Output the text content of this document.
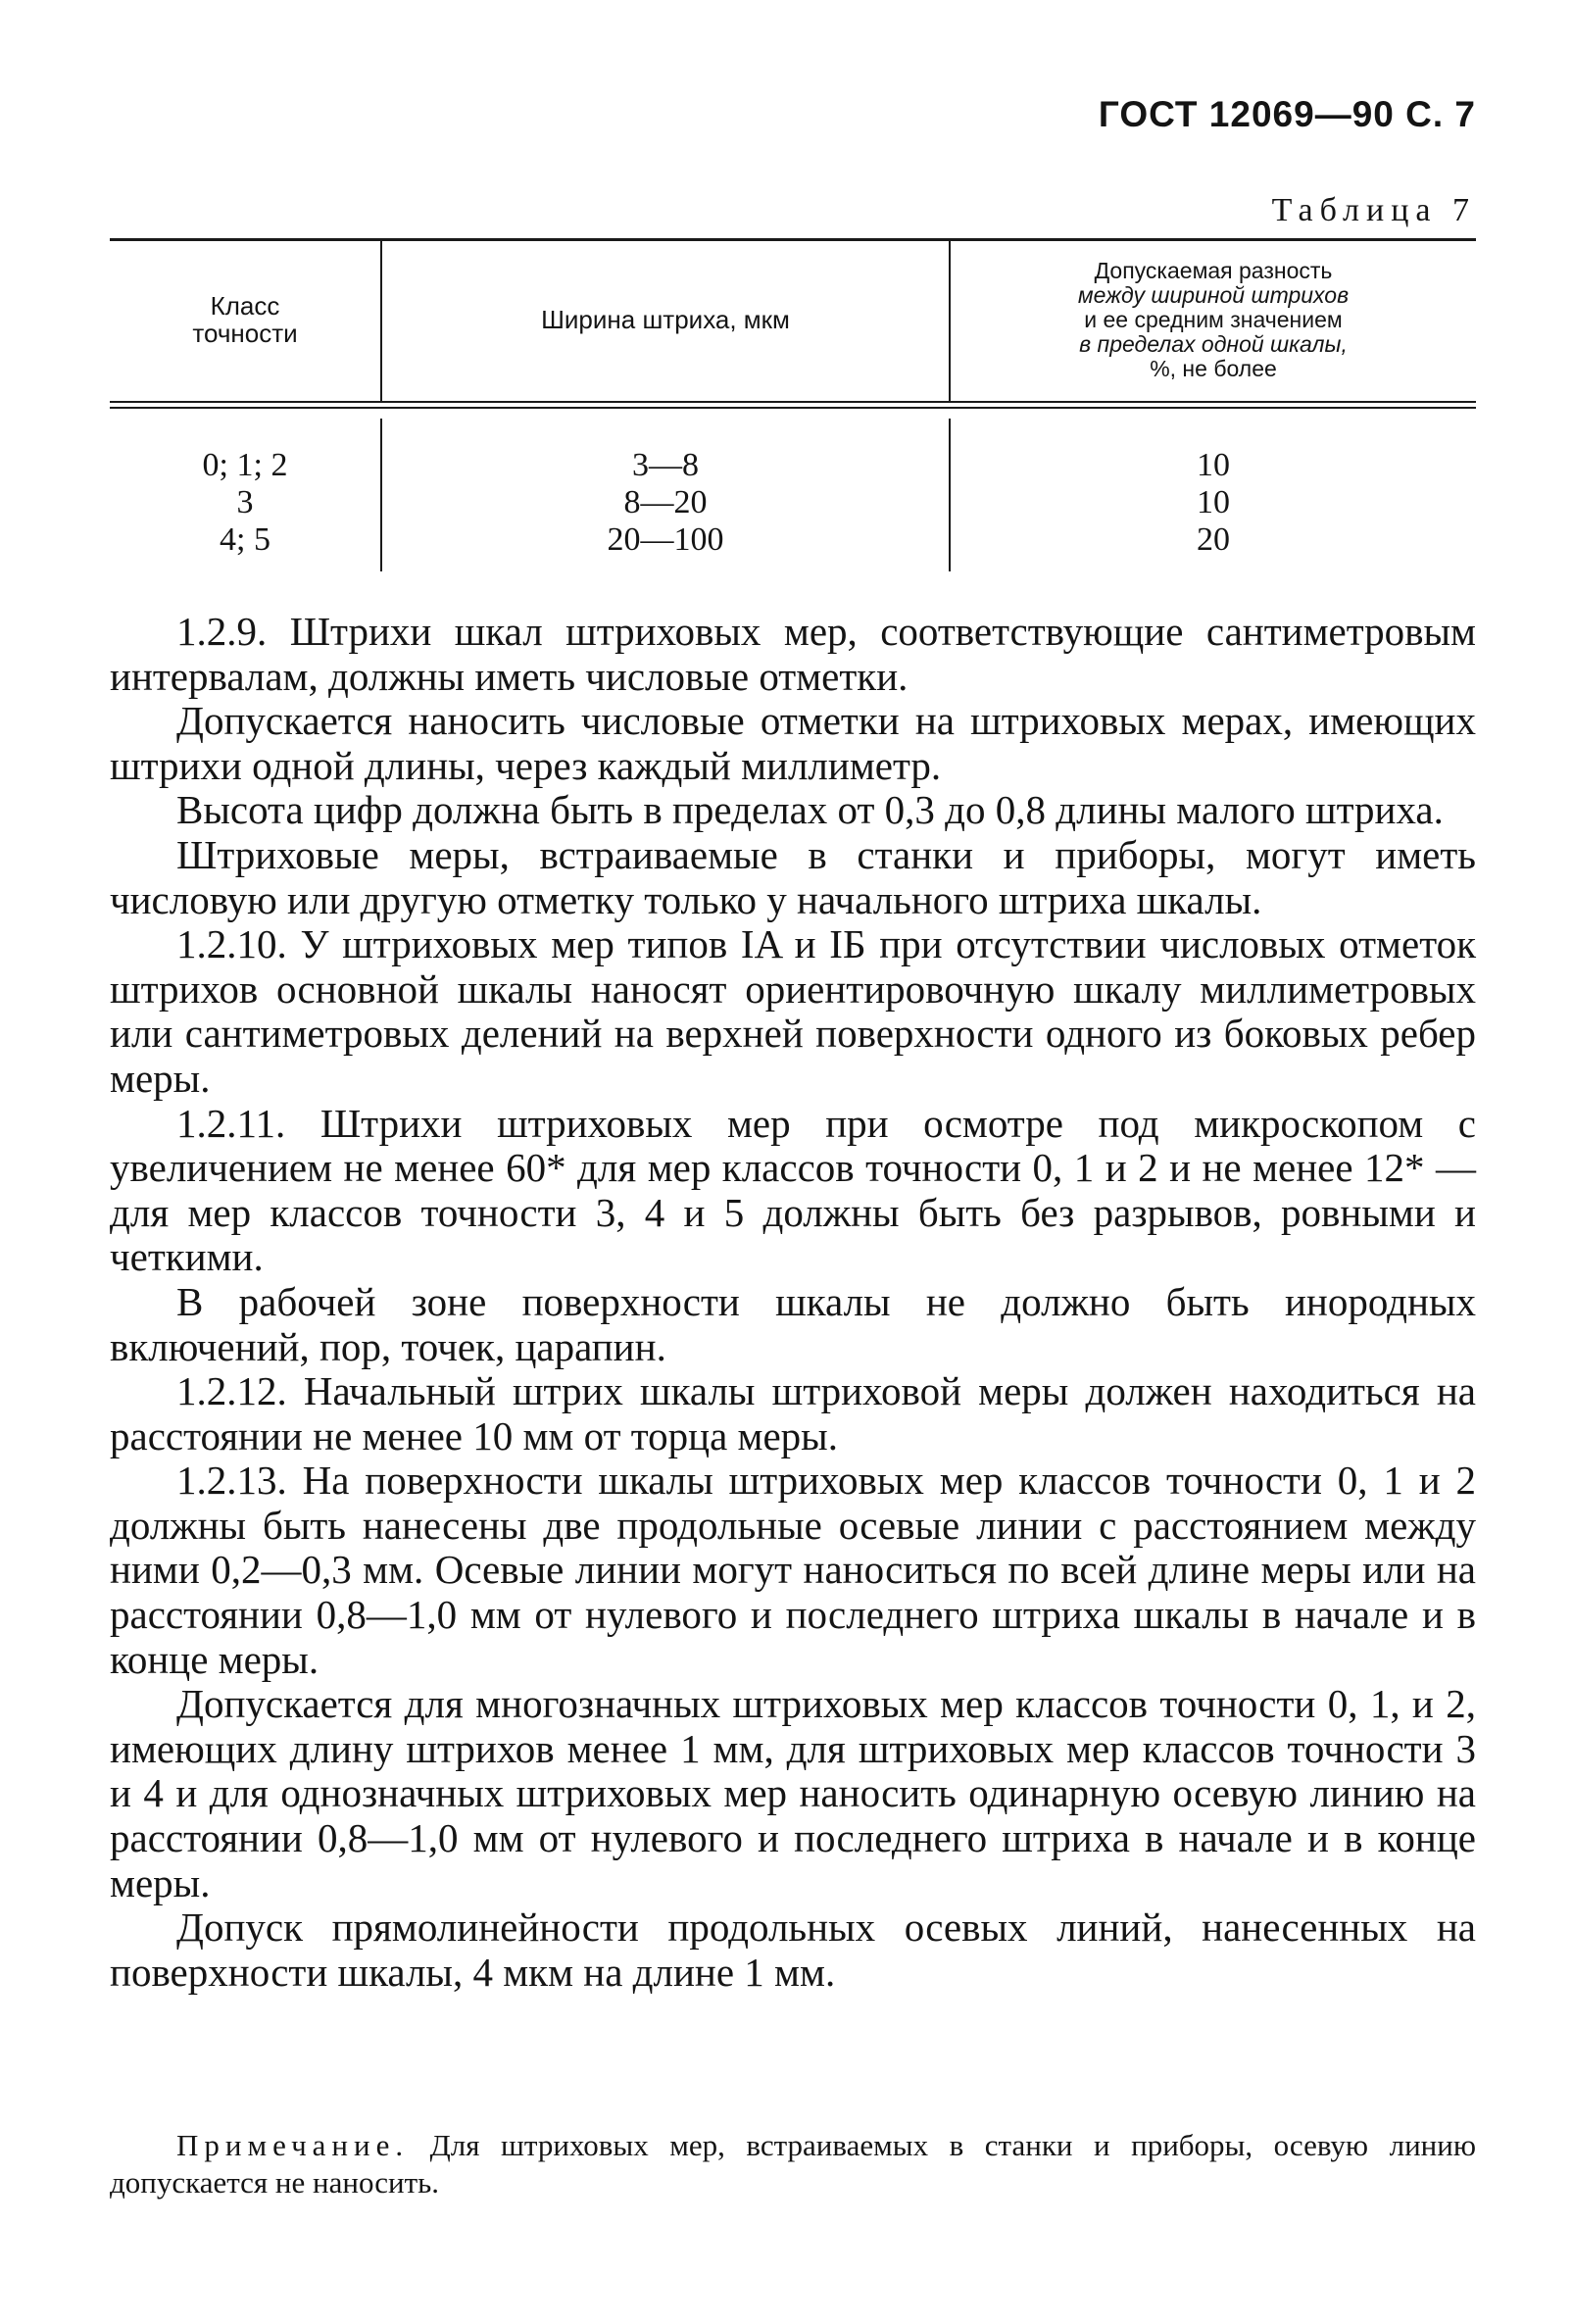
ГОСТ 12069—90 С. 7
Таблица 7
Класс
точности	Ширина штриха, мкм
Допускаемая разность
между шириной штрихов
и ее средним значением
в пределах одной шкалы,
%, не более
0; 1; 2
3
4; 5
3—8
8—20
20—100
10
10
20

1.2.9. Штрихи шкал штриховых мер, соответствующие сантиметровым интервалам, должны иметь числовые отметки.

Допускается наносить числовые отметки на штриховых мерах, имеющих штрихи одной длины, через каждый миллиметр.

Высота цифр должна быть в пределах от 0,3 до 0,8 длины малого штриха.

Штриховые меры, встраиваемые в станки и приборы, могут иметь числовую или другую отметку только у начального штриха шкалы.

1.2.10. У штриховых мер типов IA и IБ при отсутствии числовых отметок штрихов основной шкалы наносят ориентировочную шкалу миллиметровых или сантиметровых делений на верхней поверхности одного из боковых ребер меры.

1.2.11. Штрихи штриховых мер при осмотре под микроскопом с увеличением не менее 60* для мер классов точности 0, 1 и 2 и не менее 12* — для мер классов точности 3, 4 и 5 должны быть без разрывов, ровными и четкими.

В рабочей зоне поверхности шкалы не должно быть инородных включений, пор, точек, царапин.

1.2.12. Начальный штрих шкалы штриховой меры должен находиться на расстоянии не менее 10 мм от торца меры.

1.2.13. На поверхности шкалы штриховых мер классов точности 0, 1 и 2 должны быть нанесены две продольные осевые линии с расстоянием между ними 0,2—0,3 мм. Осевые линии могут наноситься по всей длине меры или на расстоянии 0,8—1,0 мм от нулевого и последнего штриха шкалы в начале и в конце меры.

Допускается для многозначных штриховых мер классов точности 0, 1, и 2, имеющих длину штрихов менее 1 мм, для штриховых мер классов точности 3 и 4 и для однозначных штриховых мер наносить одинарную осевую линию на расстоянии 0,8—1,0 мм от нулевого и последнего штриха в начале и в конце меры.

Допуск прямолинейности продольных осевых линий, нанесенных на поверхности шкалы, 4 мкм на длине 1 мм.

Примечание. Для штриховых мер, встраиваемых в станки и приборы, осевую линию допускается не наносить.
